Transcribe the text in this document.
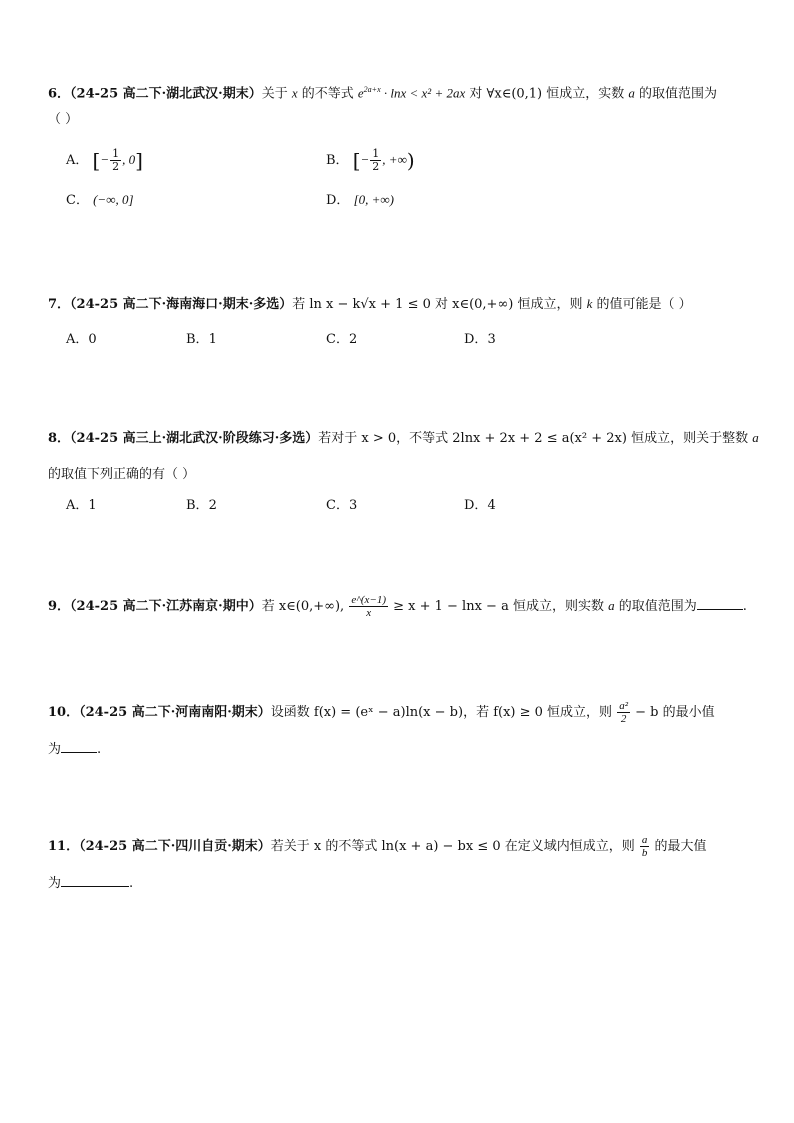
6．（24-25 高二下·湖北武汉·期末）关于 x 的不等式 $e^{2a+x} \cdot \ln x < x^2 + 2ax$ 对 ∀x∈(0,1) 恒成立，实数 a 的取值范围为
（ ）
A． [− $\frac{1}{2}$ , 0]	B． [− $\frac{1}{2}$ , +∞)
C． (−∞, 0]	D． [0, +∞)
7．（24-25 高二下·海南海口·期末·多选）若 ln x − k√x + 1 ≤ 0 对 x∈(0,+∞) 恒成立，则 k 的值可能是（ ）
A．0	B．1	C．2	D．3
8．（24-25 高三上·湖北武汉·阶段练习·多选）若对于 x > 0，不等式 2lnx + 2x + 2 ≤ a(x² + 2x) 恒成立，则关于整数 a
的取值下列正确的有（ ）
A．1	B．2	C．3	D．4
9．（24-25 高二下·江苏南京·期中）若 x∈(0,+∞), $\frac{e\^{}(x-1)}{x} \ge x + 1 - \ln x - a$ 恒成立，则实数 a 的取值范围为	.
10．（24-25 高二下·河南南阳·期末）设函数 f(x) = (eˣ − a)ln(x − b)，若 f(x) ≥ 0 恒成立，则 $\frac{\text{a²}}{2} - b$ 的最小值
为	.
11．（24-25 高二下·四川自贡·期末）若关于 x 的不等式 ln(x + a) − bx ≤ 0 在定义域内恒成立，则 $\frac{a}{b}$ 的最大值
为	.
